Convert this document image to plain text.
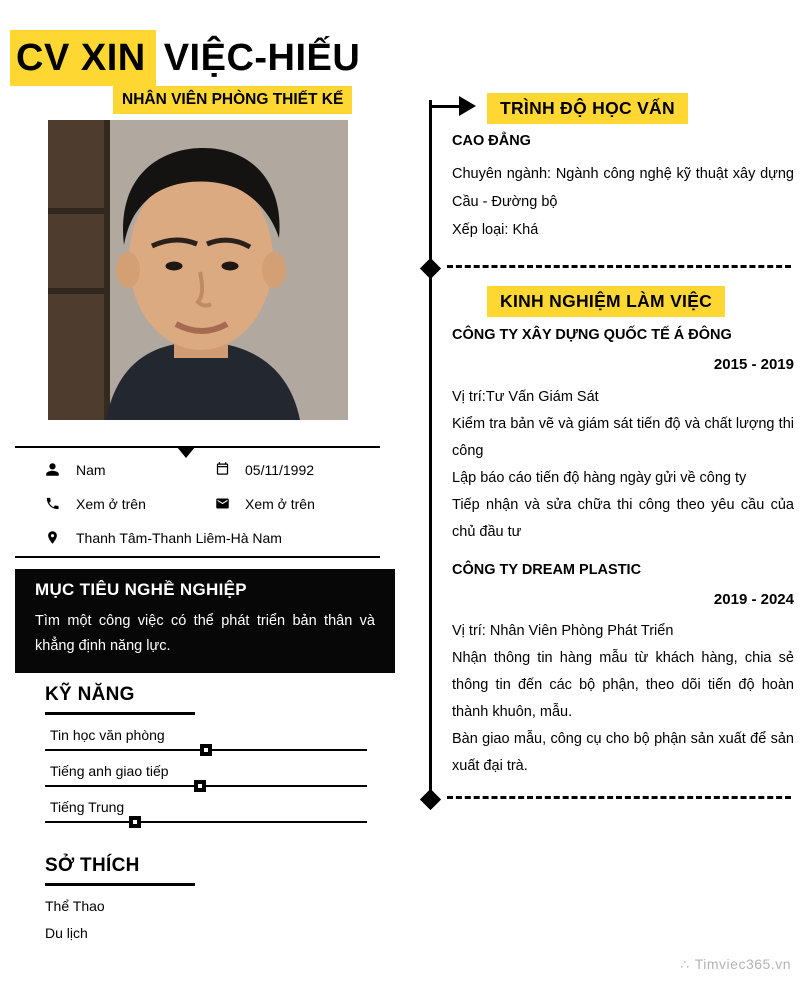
CV XIN VIỆC-HIẾU
NHÂN VIÊN PHÒNG THIẾT KẾ
Nam	05/11/1992
Xem ở trên	Xem ở trên
Thanh Tâm-Thanh Liêm-Hà Nam
MỤC TIÊU NGHỀ NGHIỆP

Tìm một công việc có thể phát triển bản thân và khẳng định năng lực.

KỸ NĂNG
Tin học văn phòng
Tiếng anh giao tiếp
Tiếng Trung
SỞ THÍCH
Thể Thao
Du lịch
TRÌNH ĐỘ HỌC VẤN
CAO ĐẲNG

Chuyên ngành: Ngành công nghệ kỹ thuật xây dựng Cầu - Đường bộ

Xếp loại: Khá

KINH NGHIỆM LÀM VIỆC
CÔNG TY XÂY DỰNG QUỐC TẾ Á ĐÔNG
2015 - 2019

Vị trí:Tư Vấn Giám Sát

Kiểm tra bản vẽ và giám sát tiến độ và chất lượng thi công

Lập báo cáo tiến độ hàng ngày gửi về công ty

Tiếp nhận và sửa chữa thi công theo yêu cầu của chủ đầu tư

CÔNG TY DREAM PLASTIC
2019 - 2024

Vị trí: Nhân Viên Phòng Phát Triển

Nhận thông tin hàng mẫu từ khách hàng, chia sẻ thông tin đến các bộ phận, theo dõi tiến độ hoàn thành khuôn, mẫu.

Bàn giao mẫu, công cụ cho bộ phận sản xuất để sản xuất đại trà.

∴ Timviec365.vn
